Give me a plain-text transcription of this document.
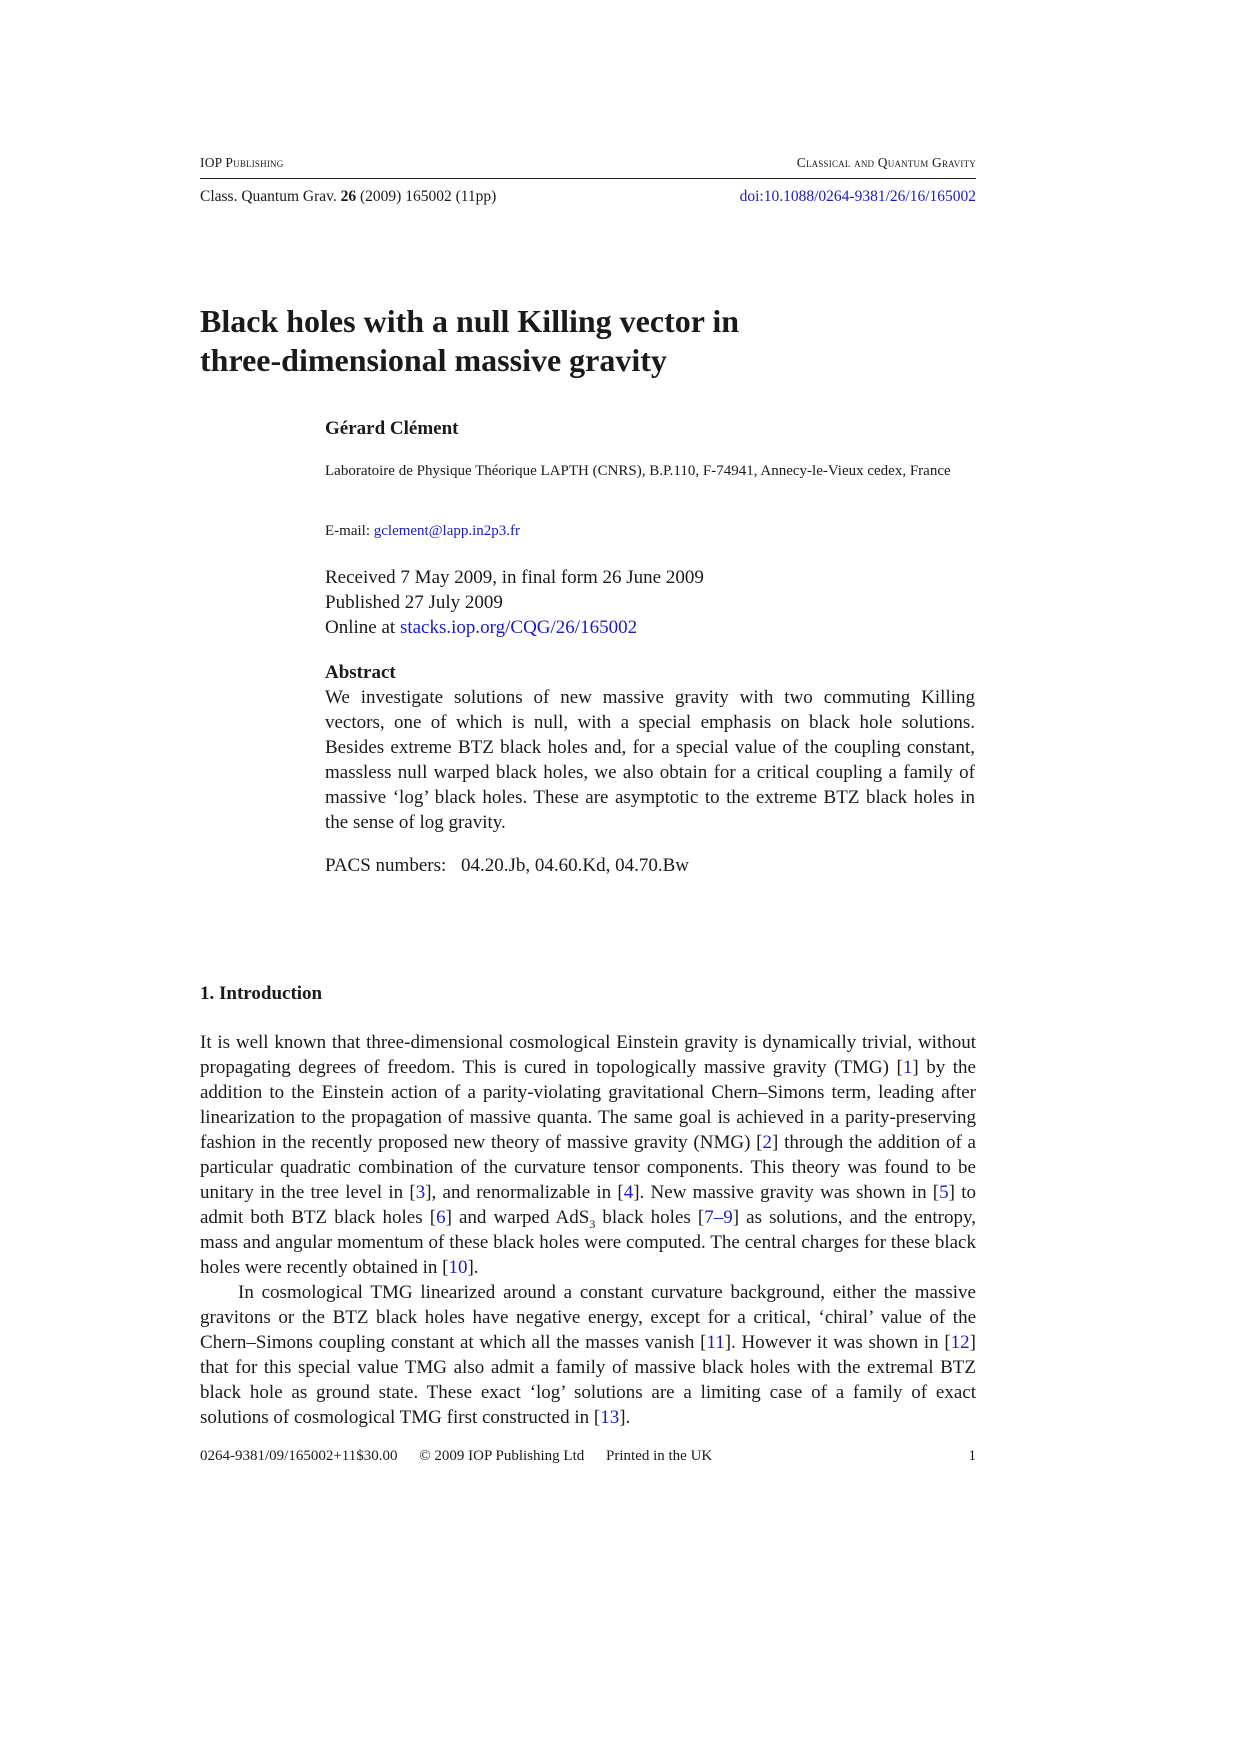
IOP Publishing	Classical and Quantum Gravity
Class. Quantum Grav. 26 (2009) 165002 (11pp)	doi:10.1088/0264-9381/26/16/165002
Black holes with a null Killing vector in
three-dimensional massive gravity
Gérard Clément
Laboratoire de Physique Théorique LAPTH (CNRS), B.P.110, F-74941, Annecy-le-Vieux cedex, France
E-mail: gclement@lapp.in2p3.fr
Received 7 May 2009, in final form 26 June 2009
Published 27 July 2009
Online at stacks.iop.org/CQG/26/165002
Abstract
We investigate solutions of new massive gravity with two commuting Killing vectors, one of which is null, with a special emphasis on black hole solutions. Besides extreme BTZ black holes and, for a special value of the coupling constant, massless null warped black holes, we also obtain for a critical coupling a family of massive ‘log’ black holes. These are asymptotic to the extreme BTZ black holes in the sense of log gravity.
PACS numbers: 04.20.Jb, 04.60.Kd, 04.70.Bw
1. Introduction

It is well known that three-dimensional cosmological Einstein gravity is dynamically trivial, without propagating degrees of freedom. This is cured in topologically massive gravity (TMG) [1] by the addition to the Einstein action of a parity-violating gravitational Chern–Simons term, leading after linearization to the propagation of massive quanta. The same goal is achieved in a parity-preserving fashion in the recently proposed new theory of massive gravity (NMG) [2] through the addition of a particular quadratic combination of the curvature tensor components. This theory was found to be unitary in the tree level in [3], and renormalizable in [4]. New massive gravity was shown in [5] to admit both BTZ black holes [6] and warped AdS$_3$ black holes [7–9] as solutions, and the entropy, mass and angular momentum of these black holes were computed. The central charges for these black holes were recently obtained in [10].

In cosmological TMG linearized around a constant curvature background, either the massive gravitons or the BTZ black holes have negative energy, except for a critical, ‘chiral’ value of the Chern–Simons coupling constant at which all the masses vanish [11]. However it was shown in [12] that for this special value TMG also admit a family of massive black holes with the extremal BTZ black hole as ground state. These exact ‘log’ solutions are a limiting case of a family of exact solutions of cosmological TMG first constructed in [13].

0264-9381/09/165002+11$30.00 © 2009 IOP Publishing Ltd Printed in the UK	1
